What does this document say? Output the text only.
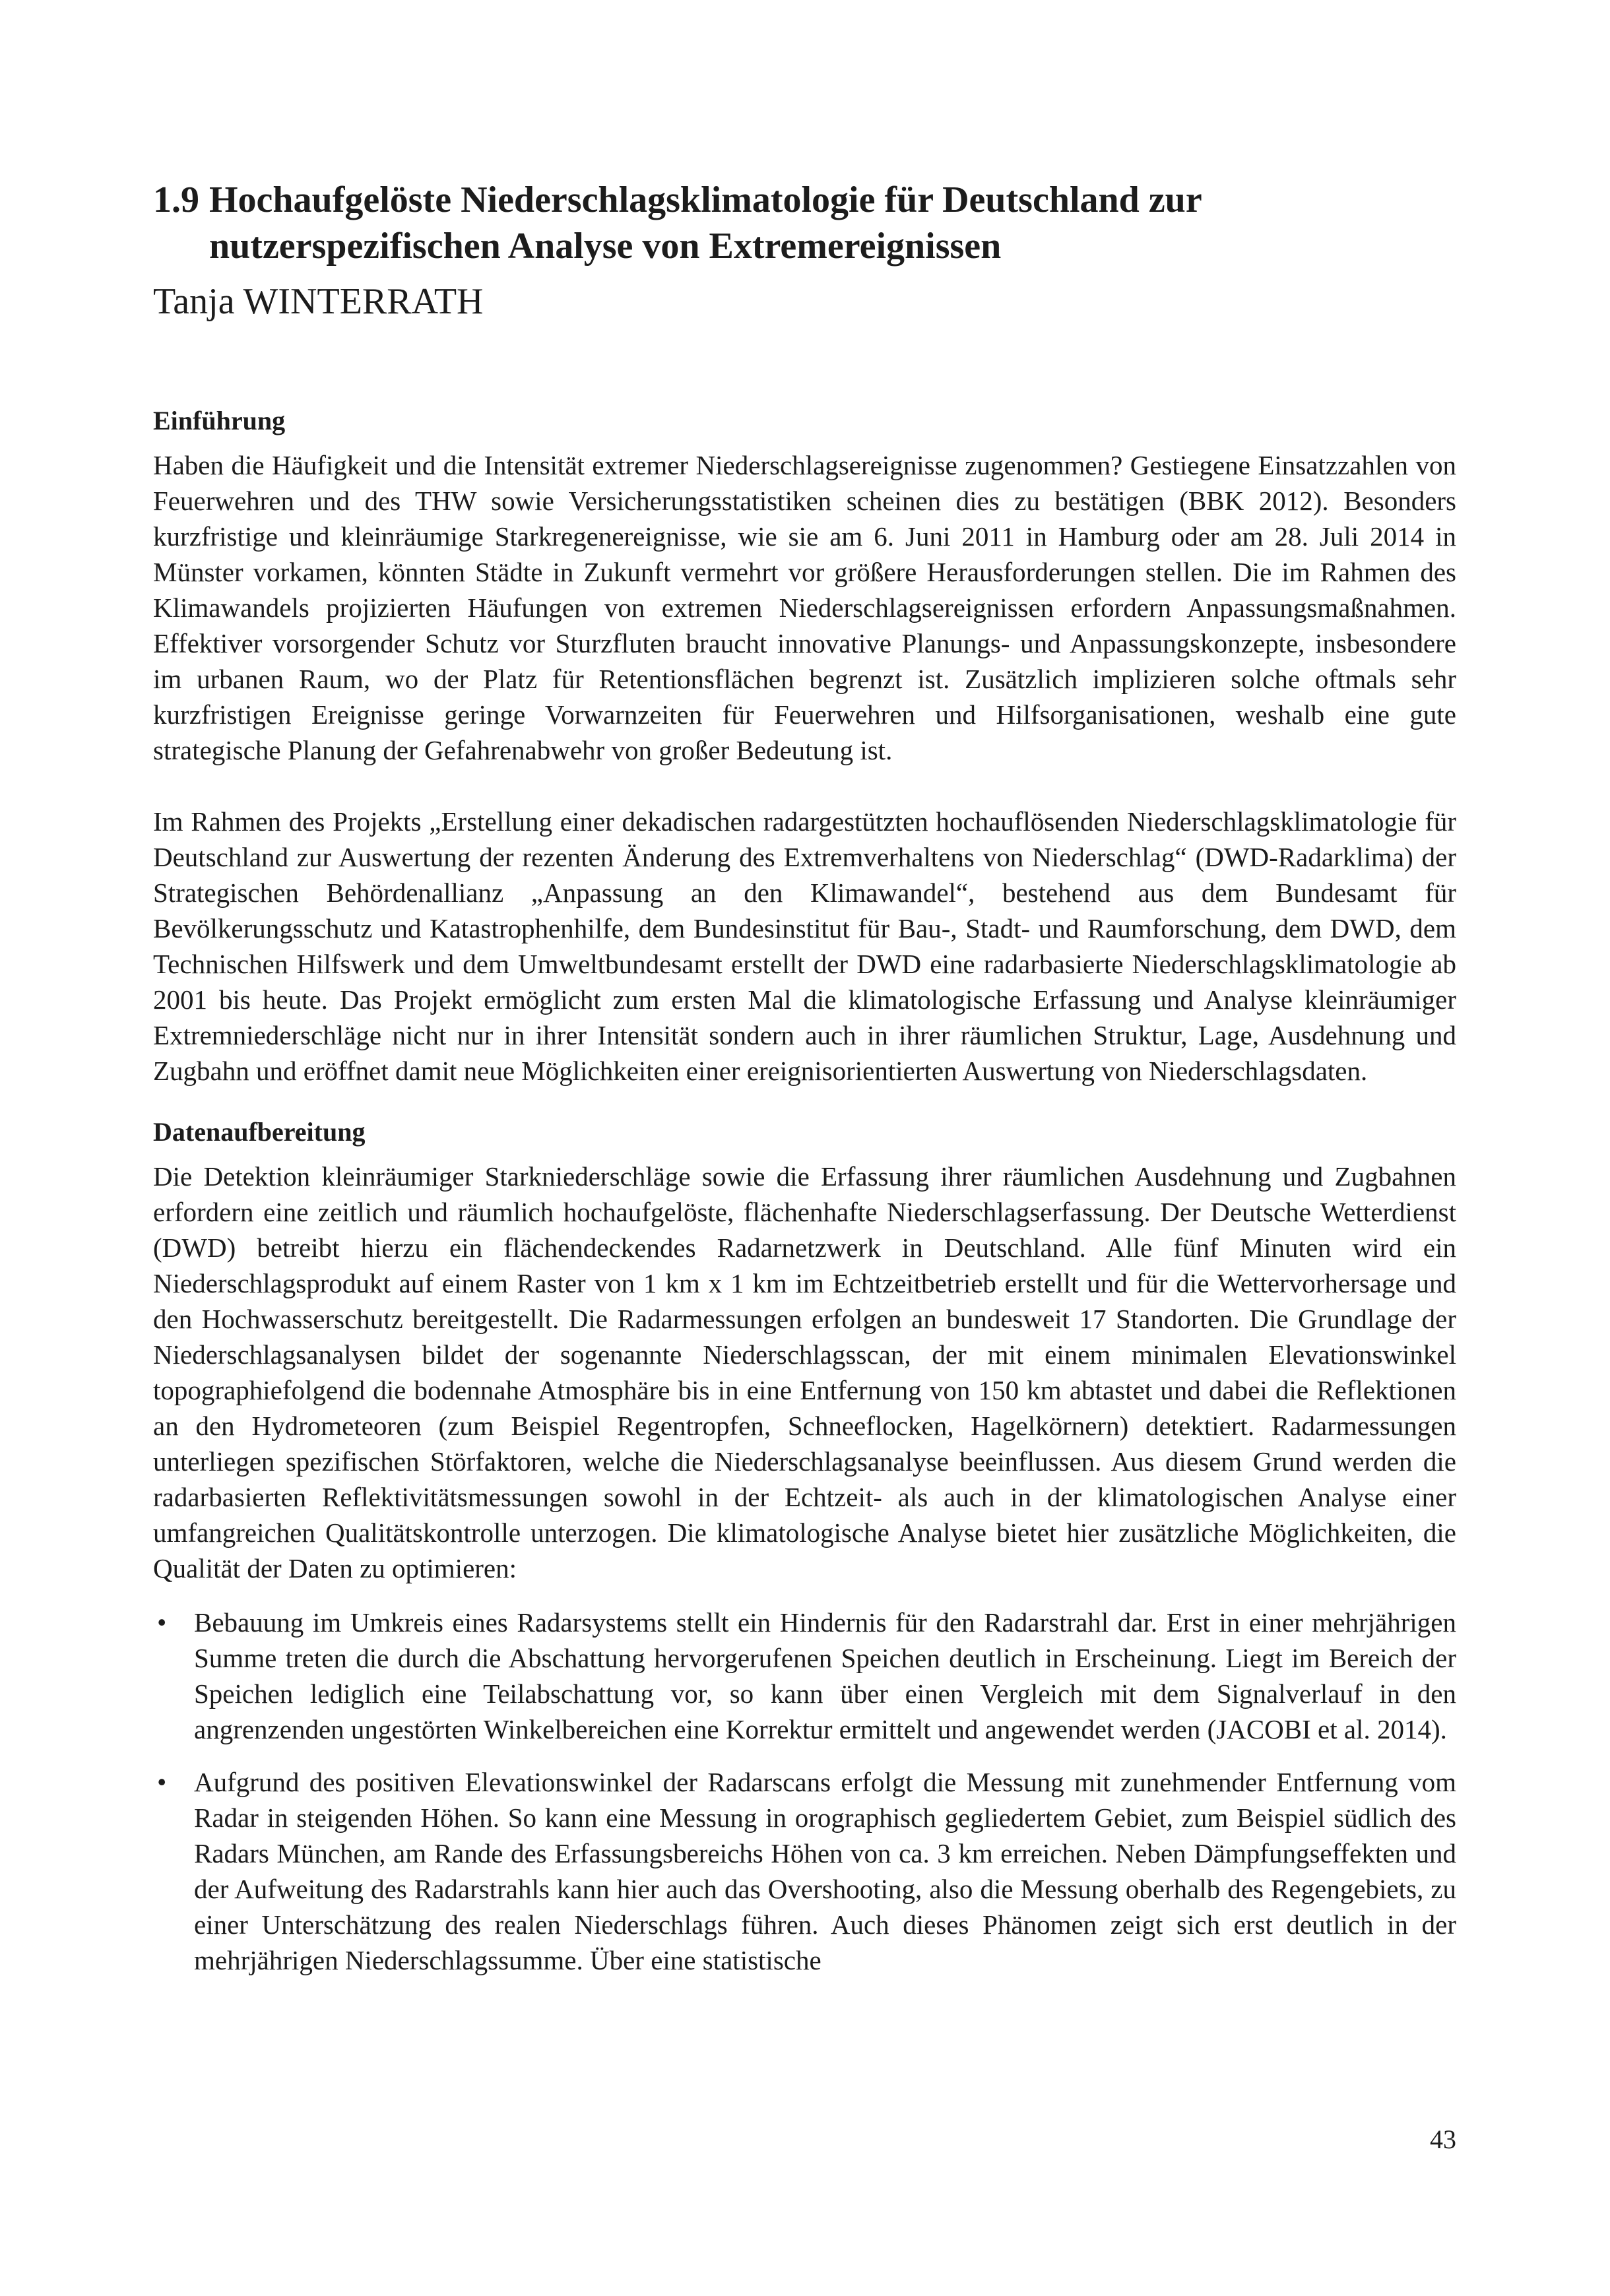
1.9 Hochaufgelöste Niederschlagsklimatologie für Deutschland zur nutzerspezifischen Analyse von Extremereignissen

Tanja WINTERRATH

Einführung

Haben die Häufigkeit und die Intensität extremer Niederschlagsereignisse zugenommen? Gestiegene Einsatzzahlen von Feuerwehren und des THW sowie Versicherungsstatistiken scheinen dies zu bestätigen (BBK 2012). Besonders kurzfristige und kleinräumige Starkregenereignisse, wie sie am 6. Juni 2011 in Hamburg oder am 28. Juli 2014 in Münster vorkamen, könnten Städte in Zukunft vermehrt vor größere Herausforderungen stellen. Die im Rahmen des Klimawandels projizierten Häufungen von extremen Niederschlagsereignissen erfordern Anpassungsmaßnahmen. Effektiver vorsorgender Schutz vor Sturzfluten braucht innovative Planungs- und Anpassungskonzepte, insbesondere im urbanen Raum, wo der Platz für Retentionsflächen begrenzt ist. Zusätzlich implizieren solche oftmals sehr kurzfristigen Ereignisse geringe Vorwarnzeiten für Feuerwehren und Hilfsorganisationen, weshalb eine gute strategische Planung der Gefahrenabwehr von großer Bedeutung ist.

Im Rahmen des Projekts „Erstellung einer dekadischen radargestützten hochauflösenden Niederschlagsklimatologie für Deutschland zur Auswertung der rezenten Änderung des Extremverhaltens von Niederschlag“ (DWD-Radarklima) der Strategischen Behördenallianz „Anpassung an den Klimawandel“, bestehend aus dem Bundesamt für Bevölkerungsschutz und Katastrophenhilfe, dem Bundesinstitut für Bau-, Stadt- und Raumforschung, dem DWD, dem Technischen Hilfswerk und dem Umweltbundesamt erstellt der DWD eine radarbasierte Niederschlagsklimatologie ab 2001 bis heute. Das Projekt ermöglicht zum ersten Mal die klimatologische Erfassung und Analyse kleinräumiger Extremniederschläge nicht nur in ihrer Intensität sondern auch in ihrer räumlichen Struktur, Lage, Ausdehnung und Zugbahn und eröffnet damit neue Möglichkeiten einer ereignisorientierten Auswertung von Niederschlagsdaten.

Datenaufbereitung

Die Detektion kleinräumiger Starkniederschläge sowie die Erfassung ihrer räumlichen Ausdehnung und Zugbahnen erfordern eine zeitlich und räumlich hochaufgelöste, flächenhafte Niederschlagserfassung. Der Deutsche Wetterdienst (DWD) betreibt hierzu ein flächendeckendes Radarnetzwerk in Deutschland. Alle fünf Minuten wird ein Niederschlagsprodukt auf einem Raster von 1 km x 1 km im Echtzeitbetrieb erstellt und für die Wettervorhersage und den Hochwasserschutz bereitgestellt. Die Radarmessungen erfolgen an bundesweit 17 Standorten. Die Grundlage der Niederschlagsanalysen bildet der sogenannte Niederschlagsscan, der mit einem minimalen Elevationswinkel topographiefolgend die bodennahe Atmosphäre bis in eine Entfernung von 150 km abtastet und dabei die Reflektionen an den Hydrometeoren (zum Beispiel Regentropfen, Schneeflocken, Hagelkörnern) detektiert. Radarmessungen unterliegen spezifischen Störfaktoren, welche die Niederschlagsanalyse beeinflussen. Aus diesem Grund werden die radarbasierten Reflektivitätsmessungen sowohl in der Echtzeit- als auch in der klimatologischen Analyse einer umfangreichen Qualitätskontrolle unterzogen. Die klimatologische Analyse bietet hier zusätzliche Möglichkeiten, die Qualität der Daten zu optimieren:

• Bebauung im Umkreis eines Radarsystems stellt ein Hindernis für den Radarstrahl dar. Erst in einer mehrjährigen Summe treten die durch die Abschattung hervorgerufenen Speichen deutlich in Erscheinung. Liegt im Bereich der Speichen lediglich eine Teilabschattung vor, so kann über einen Vergleich mit dem Signalverlauf in den angrenzenden ungestörten Winkelbereichen eine Korrektur ermittelt und angewendet werden (JACOBI et al. 2014).
• Aufgrund des positiven Elevationswinkel der Radarscans erfolgt die Messung mit zunehmender Entfernung vom Radar in steigenden Höhen. So kann eine Messung in orographisch gegliedertem Gebiet, zum Beispiel südlich des Radars München, am Rande des Erfassungsbereichs Höhen von ca. 3 km erreichen. Neben Dämpfungseffekten und der Aufweitung des Radarstrahls kann hier auch das Overshooting, also die Messung oberhalb des Regengebiets, zu einer Unterschätzung des realen Niederschlags führen. Auch dieses Phänomen zeigt sich erst deutlich in der mehrjährigen Niederschlagssumme. Über eine statistische
43
